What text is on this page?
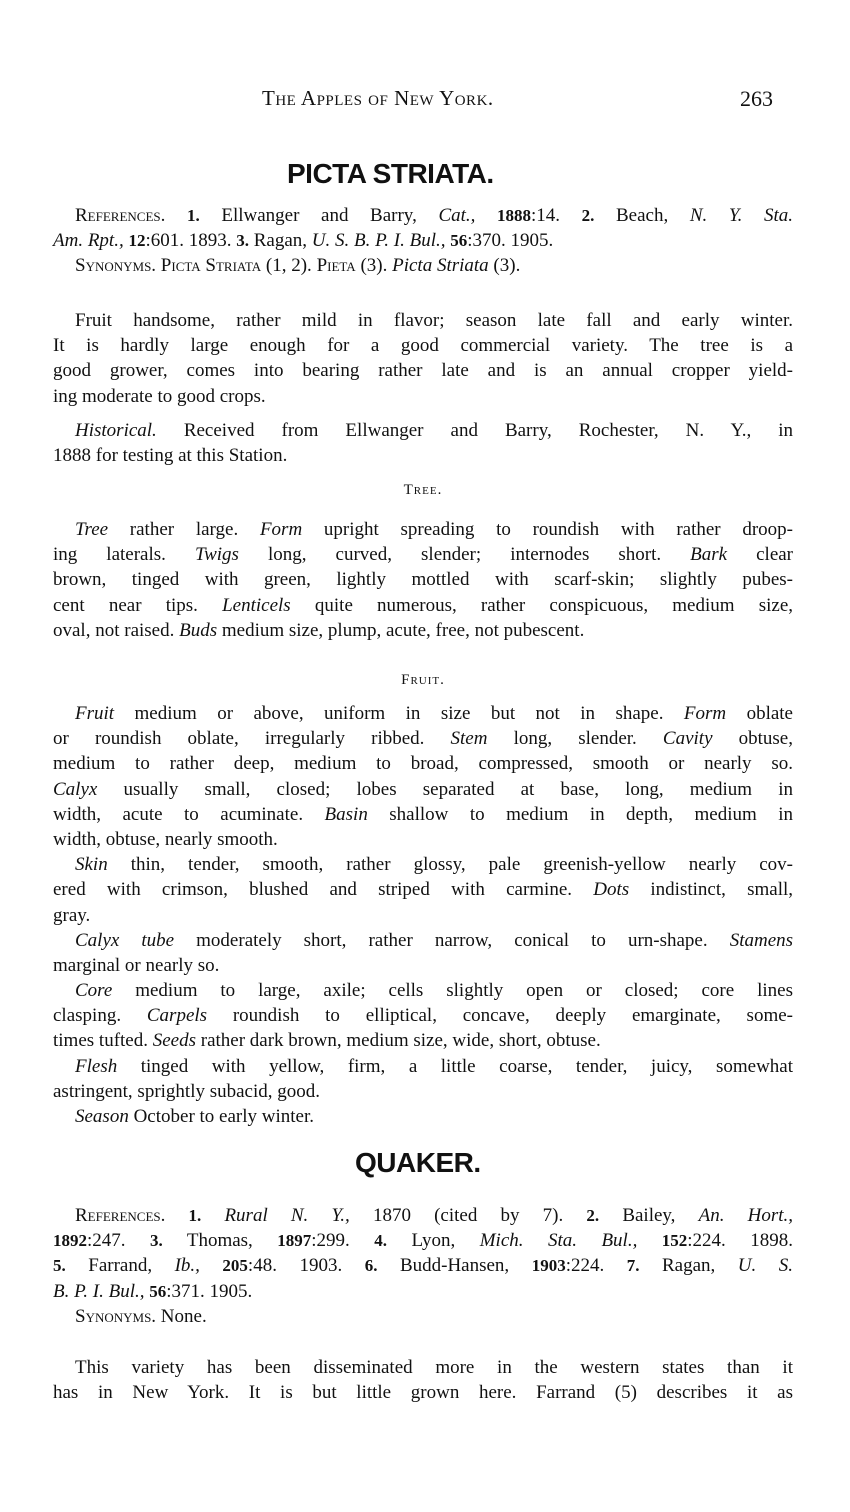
The Apples of New York.	263
PICTA STRIATA.
References. 1. Ellwanger and Barry, Cat., 1888:14. 2. Beach, N. Y. Sta.
Am. Rpt., 12:601. 1893. 3. Ragan, U. S. B. P. I. Bul., 56:370. 1905.
Synonyms. Picta Striata (1, 2). Pieta (3). Picta Striata (3).
Fruit handsome, rather mild in flavor; season late fall and early winter.
It is hardly large enough for a good commercial variety. The tree is a
good grower, comes into bearing rather late and is an annual cropper yield-
ing moderate to good crops.
Historical. Received from Ellwanger and Barry, Rochester, N. Y., in
1888 for testing at this Station.
Tree.
Tree rather large. Form upright spreading to roundish with rather droop-
ing laterals. Twigs long, curved, slender; internodes short. Bark clear
brown, tinged with green, lightly mottled with scarf-skin; slightly pubes-
cent near tips. Lenticels quite numerous, rather conspicuous, medium size,
oval, not raised. Buds medium size, plump, acute, free, not pubescent.
Fruit.
Fruit medium or above, uniform in size but not in shape. Form oblate
or roundish oblate, irregularly ribbed. Stem long, slender. Cavity obtuse,
medium to rather deep, medium to broad, compressed, smooth or nearly so.
Calyx usually small, closed; lobes separated at base, long, medium in
width, acute to acuminate. Basin shallow to medium in depth, medium in
width, obtuse, nearly smooth.
Skin thin, tender, smooth, rather glossy, pale greenish-yellow nearly cov-
ered with crimson, blushed and striped with carmine. Dots indistinct, small,
gray.
Calyx tube moderately short, rather narrow, conical to urn-shape. Stamens
marginal or nearly so.
Core medium to large, axile; cells slightly open or closed; core lines
clasping. Carpels roundish to elliptical, concave, deeply emarginate, some-
times tufted. Seeds rather dark brown, medium size, wide, short, obtuse.
Flesh tinged with yellow, firm, a little coarse, tender, juicy, somewhat
astringent, sprightly subacid, good.
Season October to early winter.
QUAKER.
References. 1. Rural N. Y., 1870 (cited by 7). 2. Bailey, An. Hort.,
1892:247. 3. Thomas, 1897:299. 4. Lyon, Mich. Sta. Bul., 152:224. 1898.
5. Farrand, Ib., 205:48. 1903. 6. Budd-Hansen, 1903:224. 7. Ragan, U. S.
B. P. I. Bul., 56:371. 1905.
Synonyms. None.
This variety has been disseminated more in the western states than it
has in New York. It is but little grown here. Farrand (5) describes it as
